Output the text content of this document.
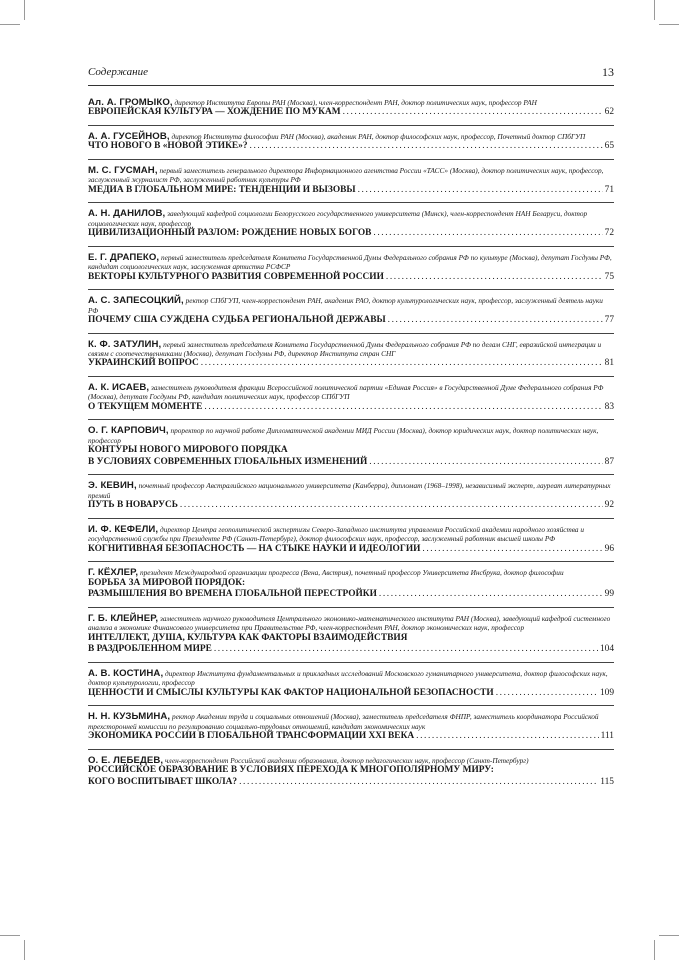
Содержание	13
Ал. А. ГРОМЫКО, директор Института Европы РАН (Москва), член-корреспондент РАН, доктор политических наук, профессор РАН
ЕВРОПЕЙСКАЯ КУЛЬТУРА — ХОЖДЕНИЕ ПО МУКАМ .....	62
А. А. ГУСЕЙНОВ, директор Института философии РАН (Москва), академик РАН, доктор философских наук, профессор, Почетный доктор СПбГУП
ЧТО НОВОГО В «НОВОЙ ЭТИКЕ»? .....	65
М. С. ГУСМАН, первый заместитель генерального директора Информационного агентства России «ТАСС» (Москва), доктор политических наук, профессор, заслуженный журналист РФ, заслуженный работник культуры РФ
МЕДИА В ГЛОБАЛЬНОМ МИРЕ: ТЕНДЕНЦИИ И ВЫЗОВЫ .....	71
А. Н. ДАНИЛОВ, заведующий кафедрой социологии Белорусского государственного университета (Минск), член-корреспондент НАН Беларуси, доктор социологических наук, профессор
ЦИВИЛИЗАЦИОННЫЙ РАЗЛОМ: РОЖДЕНИЕ НОВЫХ БОГОВ .....	72
Е. Г. ДРАПЕКО, первый заместитель председателя Комитета Государственной Думы Федерального собрания РФ по культуре (Москва), депутат Госдумы РФ, кандидат социологических наук, заслуженная артистка РСФСР
ВЕКТОРЫ КУЛЬТУРНОГО РАЗВИТИЯ СОВРЕМЕННОЙ РОССИИ .....	75
А. С. ЗАПЕСОЦКИЙ, ректор СПбГУП, член-корреспондент РАН, академик РАО, доктор культурологических наук, профессор, заслуженный деятель науки РФ
ПОЧЕМУ США СУЖДЕНА СУДЬБА РЕГИОНАЛЬНОЙ ДЕРЖАВЫ .....	77
К. Ф. ЗАТУЛИН, первый заместитель председателя Комитета Государственной Думы Федерального собрания РФ по делам СНГ, евразийской интеграции и связям с соотечественниками (Москва), депутат Госдумы РФ, директор Института стран СНГ
УКРАИНСКИЙ ВОПРОС .....	81
А. К. ИСАЕВ, заместитель руководителя фракции Всероссийской политической партии «Единая Россия» в Государственной Думе Федерального собрания РФ (Москва), депутат Госдумы РФ, кандидат политических наук, профессор СПбГУП
О ТЕКУЩЕМ МОМЕНТЕ .....	83
О. Г. КАРПОВИЧ, проректор по научной работе Дипломатической академии МИД России (Москва), доктор юридических наук, доктор политических наук, профессор
КОНТУРЫ НОВОГО МИРОВОГО ПОРЯДКА
В УСЛОВИЯХ СОВРЕМЕННЫХ ГЛОБАЛЬНЫХ ИЗМЕНЕНИЙ .....	87
Э. КЕВИН, почетный профессор Австралийского национального университета (Канберра), дипломат (1968–1998), независимый эксперт, лауреат литературных премий
ПУТЬ В НОВАРУСЬ .....	92
И. Ф. КЕФЕЛИ, директор Центра геополитической экспертизы Северо-Западного института управления Российской академии народного хозяйства и государственной службы при Президенте РФ (Санкт-Петербург), доктор философских наук, профессор, заслуженный работник высшей школы РФ
КОГНИТИВНАЯ БЕЗОПАСНОСТЬ — НА СТЫКЕ НАУКИ И ИДЕОЛОГИИ .....	96
Г. КЁХЛЕР, президент Международной организации прогресса (Вена, Австрия), почетный профессор Университета Инсбрука, доктор философии
БОРЬБА ЗА МИРОВОЙ ПОРЯДОК:
РАЗМЫШЛЕНИЯ ВО ВРЕМЕНА ГЛОБАЛЬНОЙ ПЕРЕСТРОЙКИ .....	99
Г. Б. КЛЕЙНЕР, заместитель научного руководителя Центрального экономико-математического института РАН (Москва), заведующий кафедрой системного анализа в экономике Финансового университета при Правительстве РФ, член-корреспондент РАН, доктор экономических наук, профессор
ИНТЕЛЛЕКТ, ДУША, КУЛЬТУРА КАК ФАКТОРЫ ВЗАИМОДЕЙСТВИЯ
В РАЗДРОБЛЕННОМ МИРЕ .....	104
А. В. КОСТИНА, директор Института фундаментальных и прикладных исследований Московского гуманитарного университета, доктор философских наук, доктор культурологии, профессор
ЦЕННОСТИ И СМЫСЛЫ КУЛЬТУРЫ КАК ФАКТОР НАЦИОНАЛЬНОЙ БЕЗОПАСНОСТИ .....	109
Н. Н. КУЗЬМИНА, ректор Академии труда и социальных отношений (Москва), заместитель председателя ФНПР, заместитель координатора Российской трехсторонней комиссии по регулированию социально-трудовых отношений, кандидат экономических наук
ЭКОНОМИКА РОССИИ В ГЛОБАЛЬНОЙ ТРАНСФОРМАЦИИ XXI ВЕКА .....	111
О. Е. ЛЕБЕДЕВ, член-корреспондент Российской академии образования, доктор педагогических наук, профессор (Санкт-Петербург)
РОССИЙСКОЕ ОБРАЗОВАНИЕ В УСЛОВИЯХ ПЕРЕХОДА К МНОГОПОЛЯРНОМУ МИРУ:
КОГО ВОСПИТЫВАЕТ ШКОЛА? .....	115
